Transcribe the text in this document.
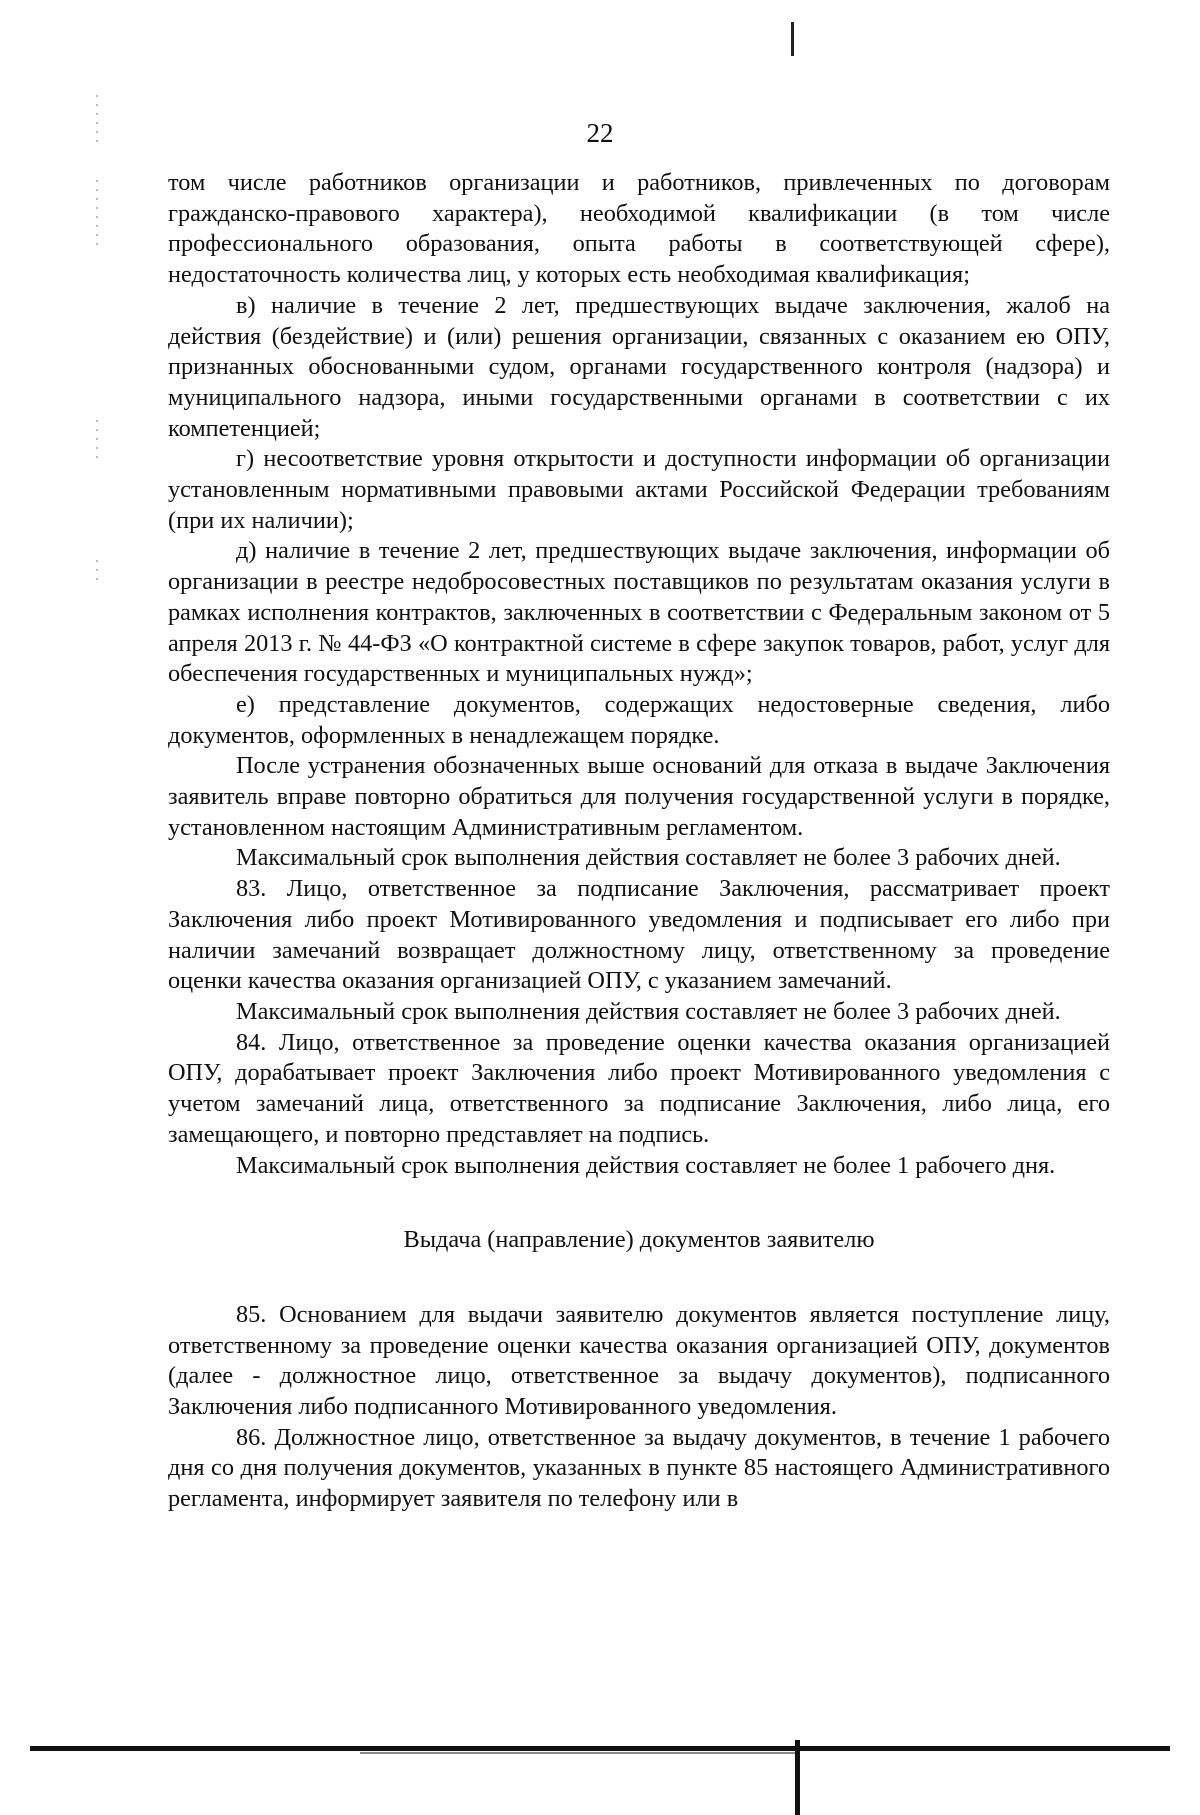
22

том числе работников организации и работников, привлеченных по договорам гражданско-правового характера), необходимой квалификации (в том числе профессионального образования, опыта работы в соответствующей сфере), недостаточность количества лиц, у которых есть необходимая квалификация;

в) наличие в течение 2 лет, предшествующих выдаче заключения, жалоб на действия (бездействие) и (или) решения организации, связанных с оказанием ею ОПУ, признанных обоснованными судом, органами государственного контроля (надзора) и муниципального надзора, иными государственными органами в соответствии с их компетенцией;

г) несоответствие уровня открытости и доступности информации об организации установленным нормативными правовыми актами Российской Федерации требованиям (при их наличии);

д) наличие в течение 2 лет, предшествующих выдаче заключения, информации об организации в реестре недобросовестных поставщиков по результатам оказания услуги в рамках исполнения контрактов, заключенных в соответствии с Федеральным законом от 5 апреля 2013 г. № 44-ФЗ «О контрактной системе в сфере закупок товаров, работ, услуг для обеспечения государственных и муниципальных нужд»;

е) представление документов, содержащих недостоверные сведения, либо документов, оформленных в ненадлежащем порядке.

После устранения обозначенных выше оснований для отказа в выдаче Заключения заявитель вправе повторно обратиться для получения государственной услуги в порядке, установленном настоящим Административным регламентом.

Максимальный срок выполнения действия составляет не более 3 рабочих дней.

83. Лицо, ответственное за подписание Заключения, рассматривает проект Заключения либо проект Мотивированного уведомления и подписывает его либо при наличии замечаний возвращает должностному лицу, ответственному за проведение оценки качества оказания организацией ОПУ, с указанием замечаний.

Максимальный срок выполнения действия составляет не более 3 рабочих дней.

84. Лицо, ответственное за проведение оценки качества оказания организацией ОПУ, дорабатывает проект Заключения либо проект Мотивированного уведомления с учетом замечаний лица, ответственного за подписание Заключения, либо лица, его замещающего, и повторно представляет на подпись.

Максимальный срок выполнения действия составляет не более 1 рабочего дня.

Выдача (направление) документов заявителю

85. Основанием для выдачи заявителю документов является поступление лицу, ответственному за проведение оценки качества оказания организацией ОПУ, документов (далее - должностное лицо, ответственное за выдачу документов), подписанного Заключения либо подписанного Мотивированного уведомления.

86. Должностное лицо, ответственное за выдачу документов, в течение 1 рабочего дня со дня получения документов, указанных в пункте 85 настоящего Административного регламента, информирует заявителя по телефону или в
